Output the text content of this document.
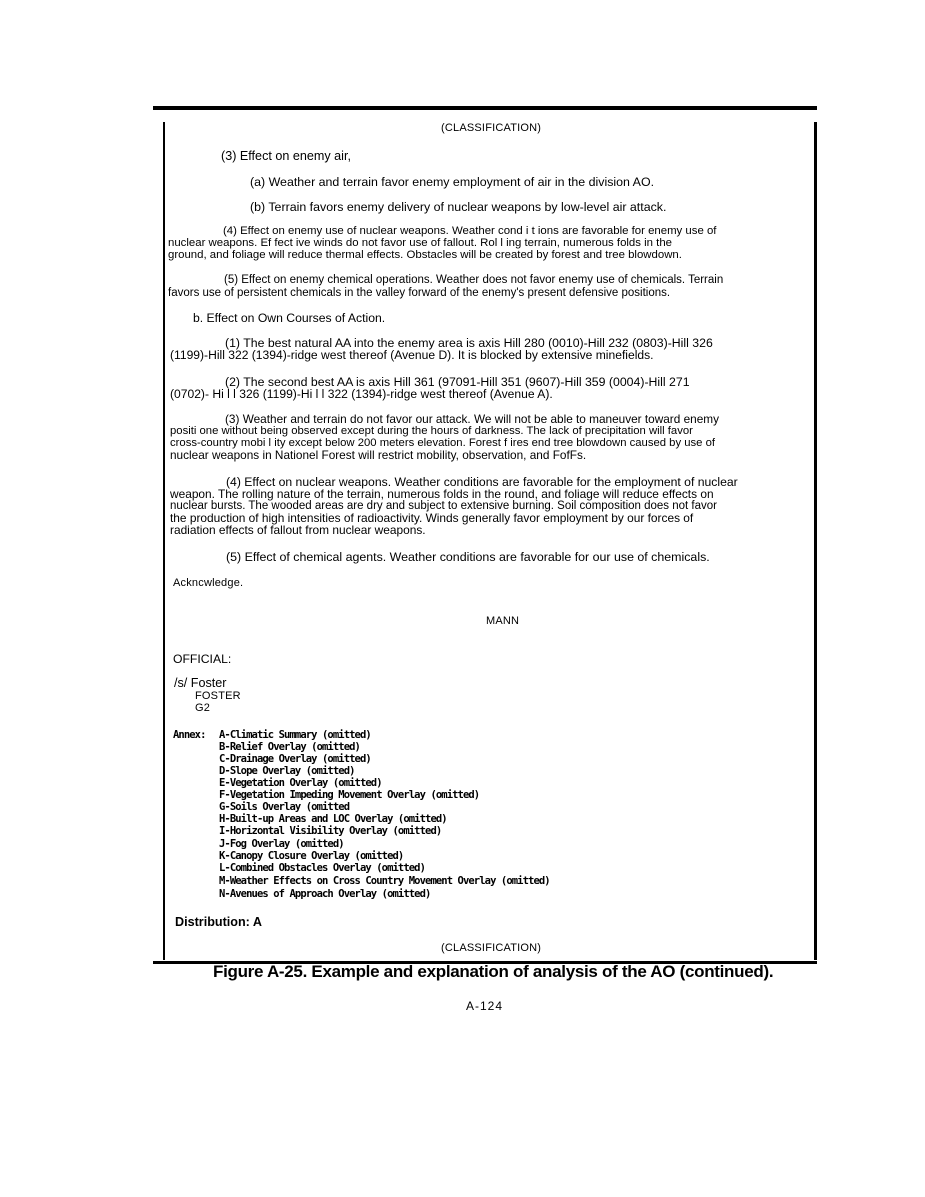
(CLASSIFICATION)
(3) Effect on enemy air,
(a) Weather and terrain favor enemy employment of air in the division AO.
(b) Terrain favors enemy delivery of nuclear weapons by low-level air attack.
(4) Effect on enemy use of nuclear weapons. Weather cond i t ions are favorable for enemy use of
nuclear weapons. Ef fect ive winds do not favor use of fallout. Rol l ing terrain, numerous folds in the
ground, and foliage will reduce thermal effects. Obstacles will be created by forest and tree blowdown.
(5) Effect on enemy chemical operations. Weather does not favor enemy use of chemicals. Terrain
favors use of persistent chemicals in the valley forward of the enemy's present defensive positions.
b. Effect on Own Courses of Action.
(1) The best natural AA into the enemy area is axis Hill 280 (0010)-Hill 232 (0803)-Hill 326
(1199)-Hill 322 (1394)-ridge west thereof (Avenue D). It is blocked by extensive minefields.
(2) The second best AA is axis Hill 361 (97091-Hill 351 (9607)-Hill 359 (0004)-Hill 271
(0702)- Hi l l 326 (1199)-Hi l l 322 (1394)-ridge west thereof (Avenue A).
(3) Weather and terrain do not favor our attack. We will not be able to maneuver toward enemy
positi one without being observed except during the hours of darkness. The lack of precipitation will favor
cross-country mobi l ity except below 200 meters elevation. Forest f ires end tree blowdown caused by use of
nuclear weapons in Nationel Forest will restrict mobility, observation, and FofFs.
(4) Effect on nuclear weapons. Weather conditions are favorable for the employment of nuclear
weapon. The rolling nature of the terrain, numerous folds in the round, and foliage will reduce effects on
nuclear bursts. The wooded areas are dry and subject to extensive burning. Soil composition does not favor
the production of high intensities of radioactivity. Winds generally favor employment by our forces of
radiation effects of fallout from nuclear weapons.
(5) Effect of chemical agents. Weather conditions are favorable for our use of chemicals.
Ackncwledge.
MANN
OFFICIAL:
/s/ Foster
FOSTER
G2
Annex: A-Climatic Summary (omitted)
B-Relief Overlay (omitted)
C-Drainage Overlay (omitted)
D-Slope Overlay (omitted)
E-Vegetation Overlay (omitted)
F-Vegetation Impeding Movement Overlay (omitted)
G-Soils Overlay (omitted
H-Built-up Areas and LOC Overlay (omitted)
I-Horizontal Visibility Overlay (omitted)
J-Fog Overlay (omitted)
K-Canopy Closure Overlay (omitted)
L-Combined Obstacles Overlay (omitted)
M-Weather Effects on Cross Country Movement Overlay (omitted)
N-Avenues of Approach Overlay (omitted)
Distribution: A
(CLASSIFICATION)
Figure A-25. Example and explanation of analysis of the AO (continued).
A-124
